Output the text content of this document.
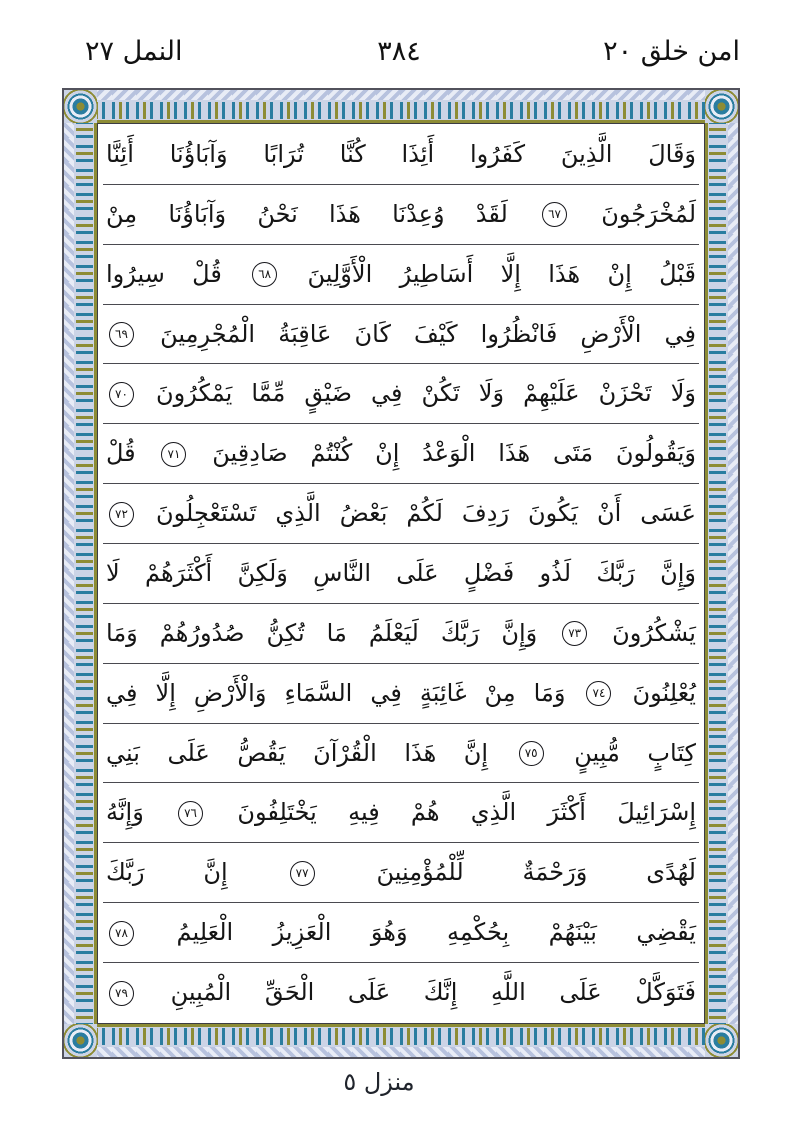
النمل ٢٧	٣٨٤	امن خلق ٢٠
وَقَالَ الَّذِينَ كَفَرُوا أَئِذَا كُنَّا تُرَابًا وَآبَاؤُنَا أَئِنَّا
لَمُخْرَجُونَ ٦٧ لَقَدْ وُعِدْنَا هَذَا نَحْنُ وَآبَاؤُنَا مِنْ
قَبْلُ إِنْ هَذَا إِلَّا أَسَاطِيرُ الْأَوَّلِينَ ٦٨ قُلْ سِيرُوا
فِي الْأَرْضِ فَانْظُرُوا كَيْفَ كَانَ عَاقِبَةُ الْمُجْرِمِينَ ٦٩
وَلَا تَحْزَنْ عَلَيْهِمْ وَلَا تَكُنْ فِي ضَيْقٍ مِّمَّا يَمْكُرُونَ ٧٠
وَيَقُولُونَ مَتَى هَذَا الْوَعْدُ إِنْ كُنْتُمْ صَادِقِينَ ٧١ قُلْ
عَسَى أَنْ يَكُونَ رَدِفَ لَكُمْ بَعْضُ الَّذِي تَسْتَعْجِلُونَ ٧٢
وَإِنَّ رَبَّكَ لَذُو فَضْلٍ عَلَى النَّاسِ وَلَكِنَّ أَكْثَرَهُمْ لَا
يَشْكُرُونَ ٧٣ وَإِنَّ رَبَّكَ لَيَعْلَمُ مَا تُكِنُّ صُدُورُهُمْ وَمَا
يُعْلِنُونَ ٧٤ وَمَا مِنْ غَائِبَةٍ فِي السَّمَاءِ وَالْأَرْضِ إِلَّا فِي
كِتَابٍ مُّبِينٍ ٧٥ إِنَّ هَذَا الْقُرْآنَ يَقُصُّ عَلَى بَنِي
إِسْرَائِيلَ أَكْثَرَ الَّذِي هُمْ فِيهِ يَخْتَلِفُونَ ٧٦ وَإِنَّهُ
لَهُدًى وَرَحْمَةٌ لِّلْمُؤْمِنِينَ ٧٧ إِنَّ رَبَّكَ
يَقْضِي بَيْنَهُمْ بِحُكْمِهِ وَهُوَ الْعَزِيزُ الْعَلِيمُ ٧٨
فَتَوَكَّلْ عَلَى اللَّهِ إِنَّكَ عَلَى الْحَقِّ الْمُبِينِ ٧٩
منزل ٥
